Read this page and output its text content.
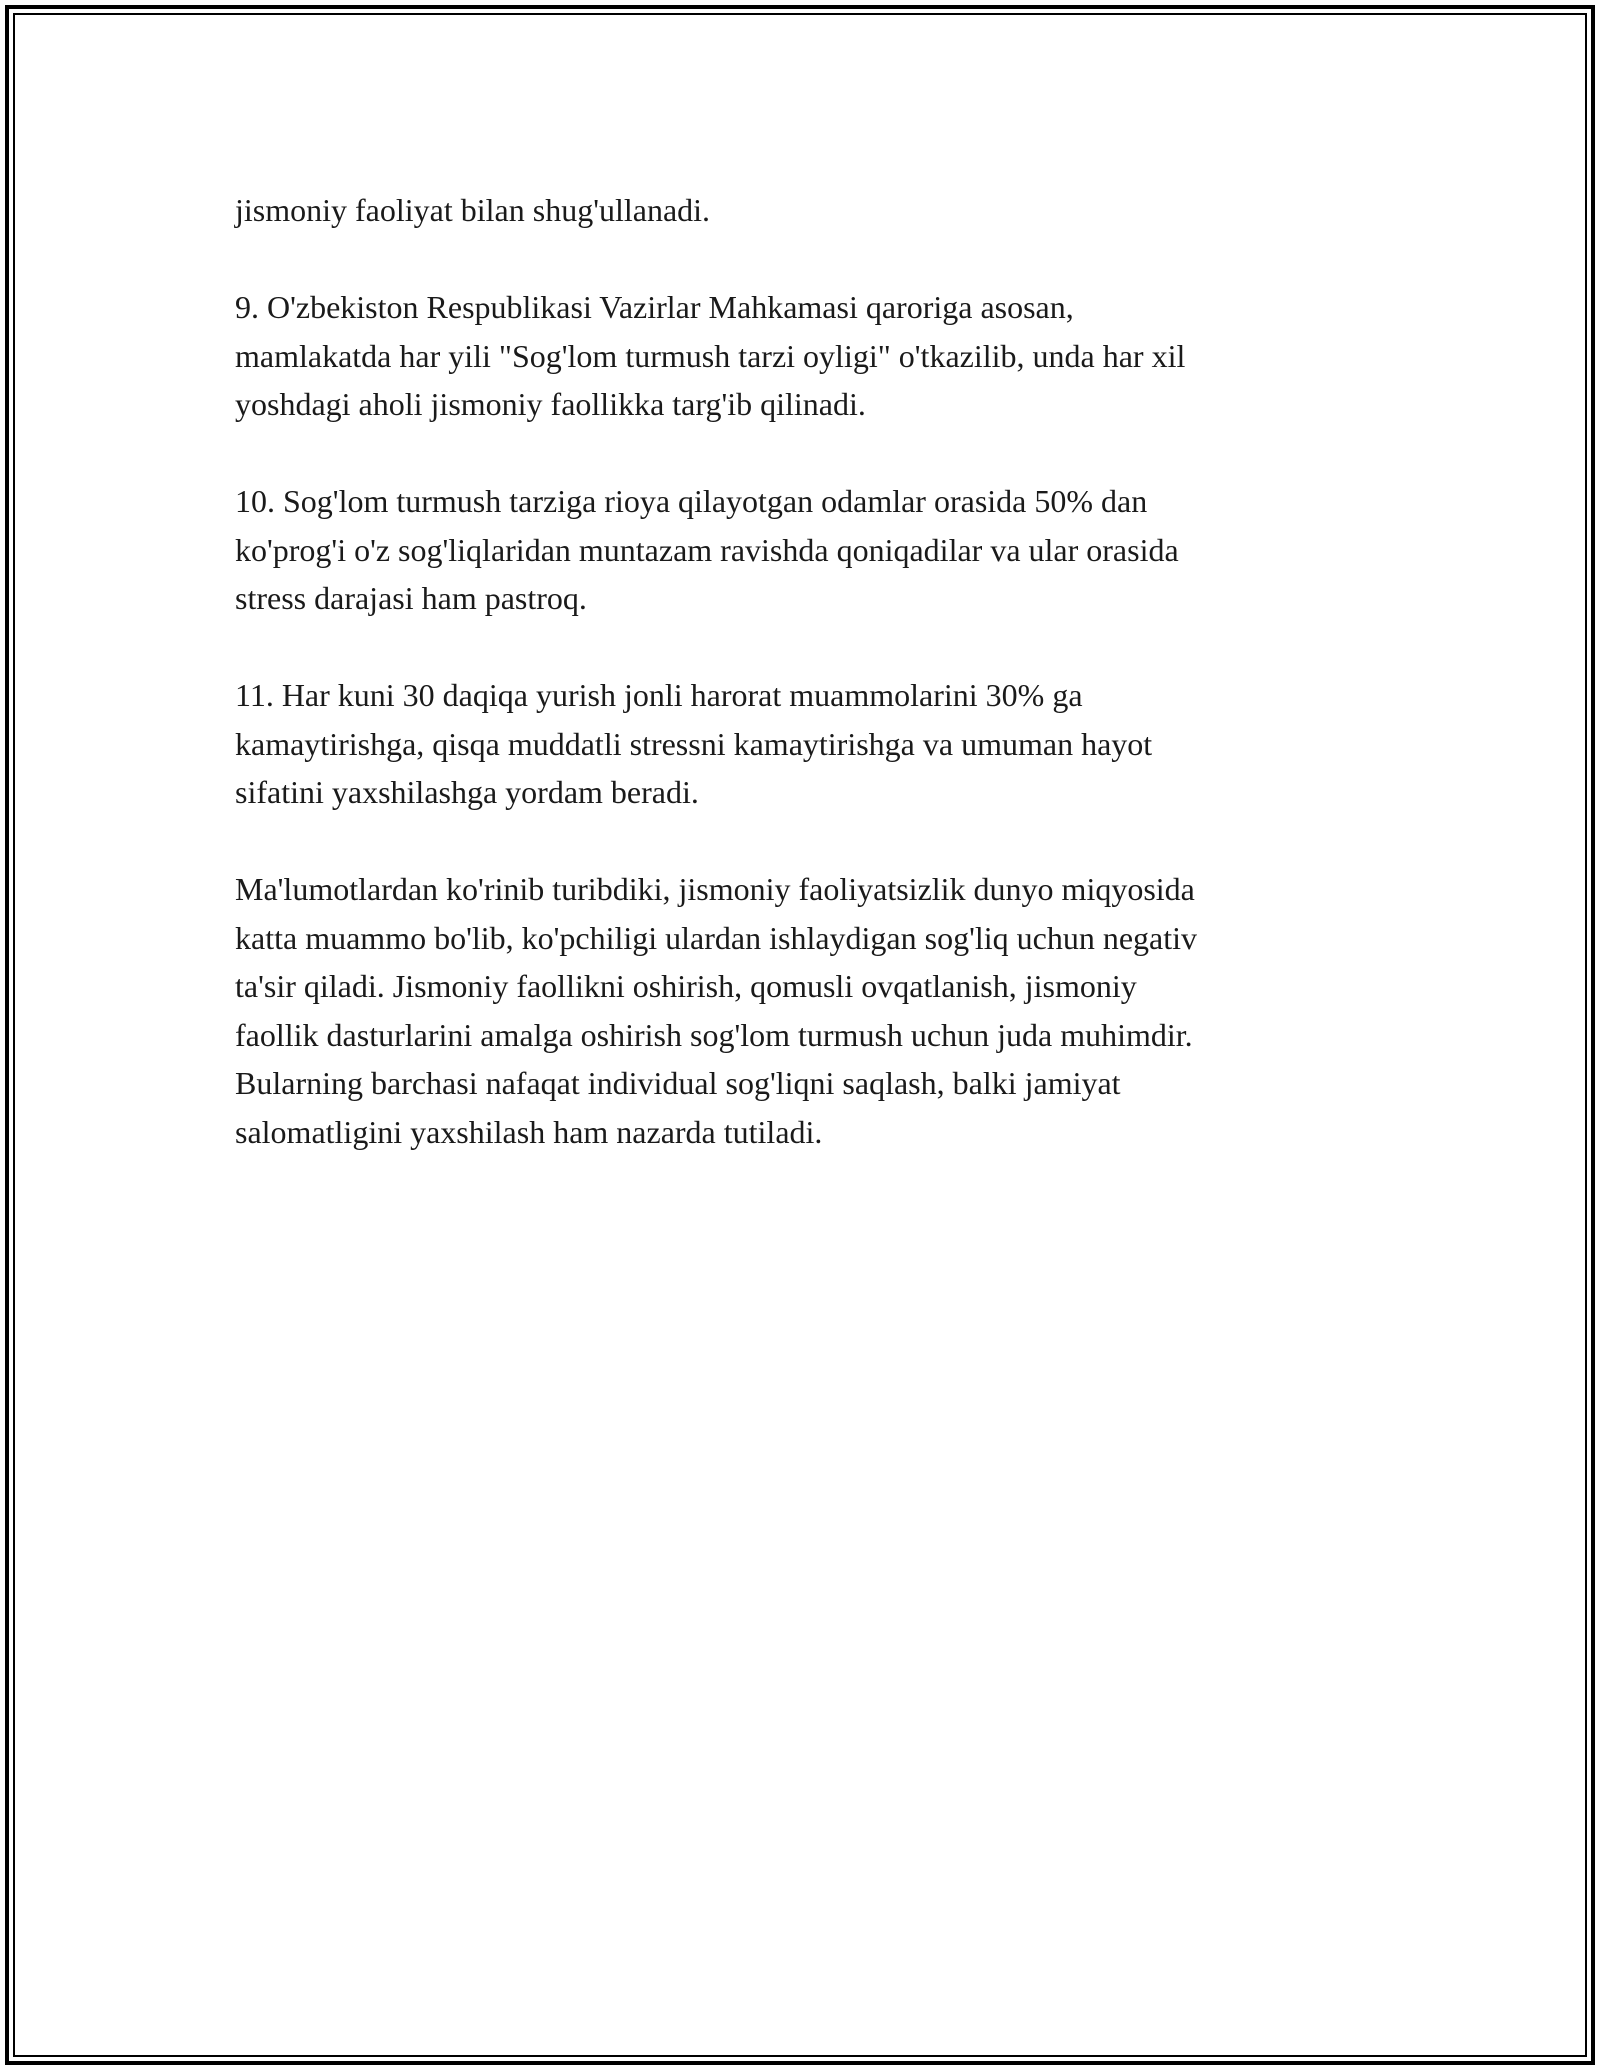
jismoniy faoliyat bilan shug'ullanadi.

9. O'zbekiston Respublikasi Vazirlar Mahkamasi qaroriga asosan,
mamlakatda har yili "Sog'lom turmush tarzi oyligi" o'tkazilib, unda har xil
yoshdagi aholi jismoniy faollikka targ'ib qilinadi.

10. Sog'lom turmush tarziga rioya qilayotgan odamlar orasida 50% dan
ko'prog'i o'z sog'liqlaridan muntazam ravishda qoniqadilar va ular orasida
stress darajasi ham pastroq.

11. Har kuni 30 daqiqa yurish jonli harorat muammolarini 30% ga
kamaytirishga, qisqa muddatli stressni kamaytirishga va umuman hayot
sifatini yaxshilashga yordam beradi.

Ma'lumotlardan ko'rinib turibdiki, jismoniy faoliyatsizlik dunyo miqyosida
katta muammo bo'lib, ko'pchiligi ulardan ishlaydigan sog'liq uchun negativ
ta'sir qiladi. Jismoniy faollikni oshirish, qomusli ovqatlanish, jismoniy
faollik dasturlarini amalga oshirish sog'lom turmush uchun juda muhimdir.
Bularning barchasi nafaqat individual sog'liqni saqlash, balki jamiyat
salomatligini yaxshilash ham nazarda tutiladi.
